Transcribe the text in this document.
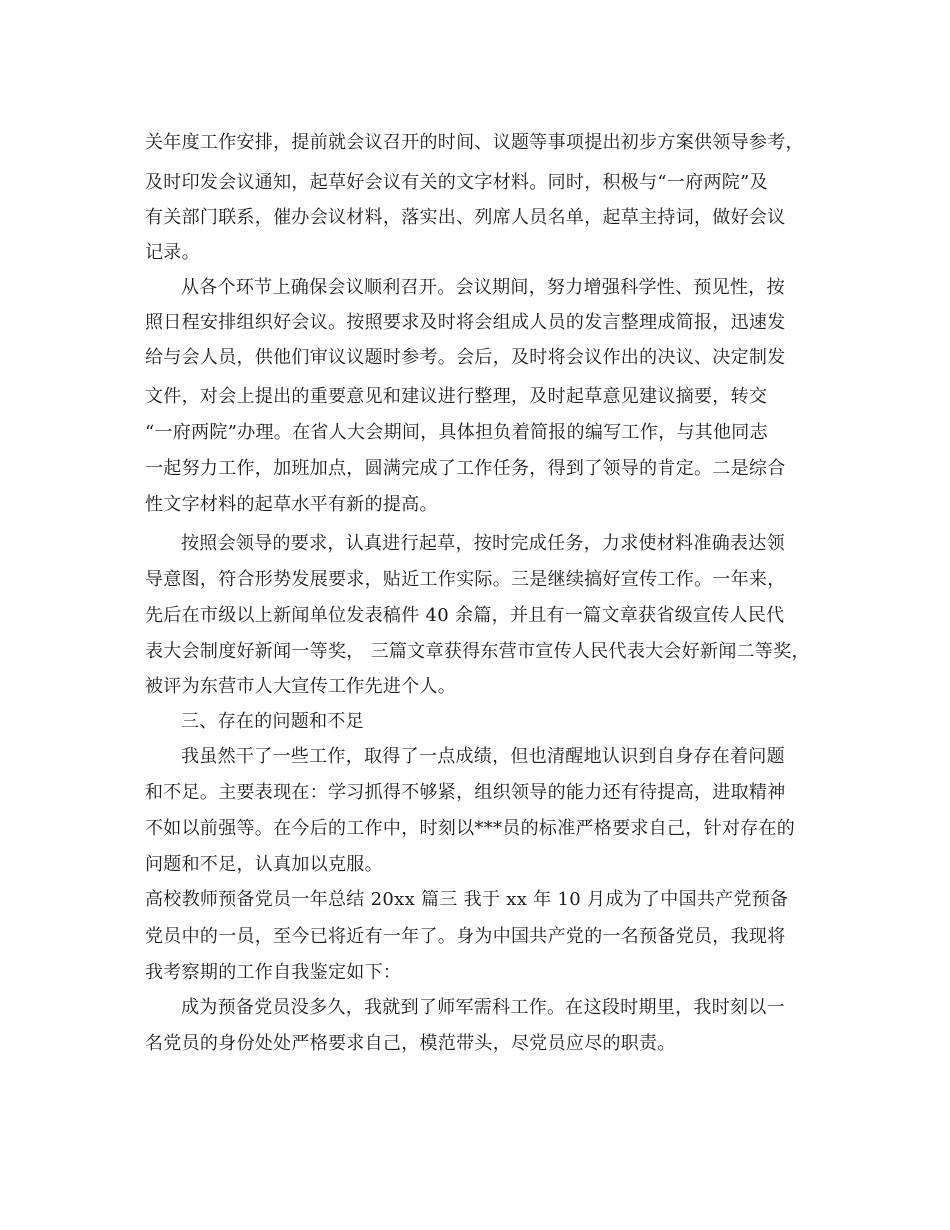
关年度工作安排，提前就会议召开的时间、议题等事项提出初步方案供领导参考，
及时印发会议通知，起草好会议有关的文字材料。同时，积极与“一府两院”及
有关部门联系，催办会议材料，落实出、列席人员名单，起草主持词，做好会议
记录。
从各个环节上确保会议顺利召开。会议期间，努力增强科学性、预见性，按
照日程安排组织好会议。按照要求及时将会组成人员的发言整理成简报，迅速发
给与会人员，供他们审议议题时参考。会后，及时将会议作出的决议、决定制发
文件，对会上提出的重要意见和建议进行整理，及时起草意见建议摘要，转交
“一府两院”办理。在省人大会期间，具体担负着简报的编写工作，与其他同志
一起努力工作，加班加点，圆满完成了工作任务，得到了领导的肯定。二是综合
性文字材料的起草水平有新的提高。
按照会领导的要求，认真进行起草，按时完成任务，力求使材料准确表达领
导意图，符合形势发展要求，贴近工作实际。三是继续搞好宣传工作。一年来，
先后在市级以上新闻单位发表稿件 40 余篇，并且有一篇文章获省级宣传人民代
表大会制度好新闻一等奖， 三篇文章获得东营市宣传人民代表大会好新闻二等奖，
被评为东营市人大宣传工作先进个人。
三、存在的问题和不足
我虽然干了一些工作，取得了一点成绩，但也清醒地认识到自身存在着问题
和不足。主要表现在：学习抓得不够紧，组织领导的能力还有待提高，进取精神
不如以前强等。在今后的工作中，时刻以***员的标准严格要求自己，针对存在的
问题和不足，认真加以克服。
高校教师预备党员一年总结 20xx 篇三 我于 xx 年 10 月成为了中国共产党预备
党员中的一员，至今已将近有一年了。身为中国共产党的一名预备党员，我现将
我考察期的工作自我鉴定如下：
成为预备党员没多久，我就到了师军需科工作。在这段时期里，我时刻以一
名党员的身份处处严格要求自己，模范带头，尽党员应尽的职责。
